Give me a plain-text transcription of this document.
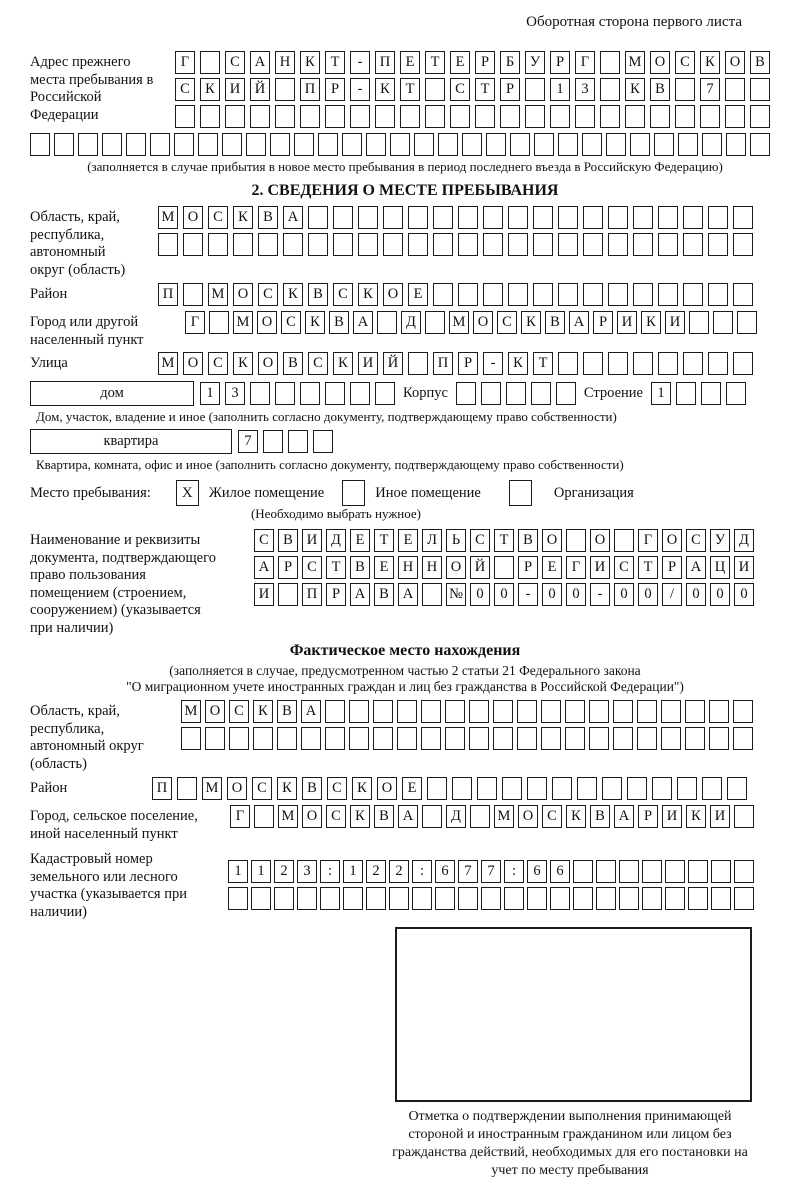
Оборотная сторона первого листа
Адрес прежнего места пребывания в Российской Федерации
Г	С	А	Н	К	Т	-	П	Е	Т	Е	Р	Б	У	Р	Г	М О	С	К	О	В
С	К	И	Й	П	Р	-	К	Т	С	Т	Р	1	3	К	В	7
(заполняется в случае прибытия в новое место пребывания в период последнего въезда в Российскую Федерацию)
2. СВЕДЕНИЯ О МЕСТЕ ПРЕБЫВАНИЯ
Область, край, республика, автономный округ (область)
М О	С	К	В	А
Район	П	М О	С	К	В	С	К	О	Е
Город или другой населенный пункт
Г	М О С К В А	Д	М О С К В А	Р	И К И
Улица	М О	С	К	О	В	С	К	И	Й	П	Р	-	К	Т
дом	1	3	Корпус	Строение 1
Дом, участок, владение и иное (заполнить согласно документу, подтверждающему право собственности)
квартира	7
Квартира, комната, офис и иное (заполнить согласно документу, подтверждающему право собственности)
Место пребывания:	X	Жилое помещение	Иное помещение	Организация
(Необходимо выбрать нужное)
Наименование и реквизиты документа, подтверждающего право пользования помещением (строением, сооружением) (указывается при наличии)
С В И Д	Е	Т	Е	Л	Ь	С	Т	В О	О	Г	О С У Д
А	Р	С	Т	В	Е Н Н О Й	Р	Е	Г	И С	Т	Р	А Ц И
И	П	Р	А В А	№ 0	0	-	0	0	-	0	0	/	0	0	0
Фактическое место нахождения
(заполняется в случае, предусмотренном частью 2 статьи 21 Федерального закона
"О миграционном учете иностранных граждан и лиц без гражданства в Российской Федерации")
Область, край, республика, автономный округ (область)
М О С К В А
Район	П	М О	С	К	В	С	К	О	Е
Город, сельское поселение, иной населенный пункт
Г	М О С К В А	Д	М О С К В А	Р	И К И
Кадастровый номер земельного или лесного участка (указывается при наличии)
1	1	2	3	:	1	2	2	:	6	7	7	:	6	6
Отметка о подтверждении выполнения принимающей стороной и иностранным гражданином или лицом без гражданства действий, необходимых для его постановки на учет по месту пребывания
